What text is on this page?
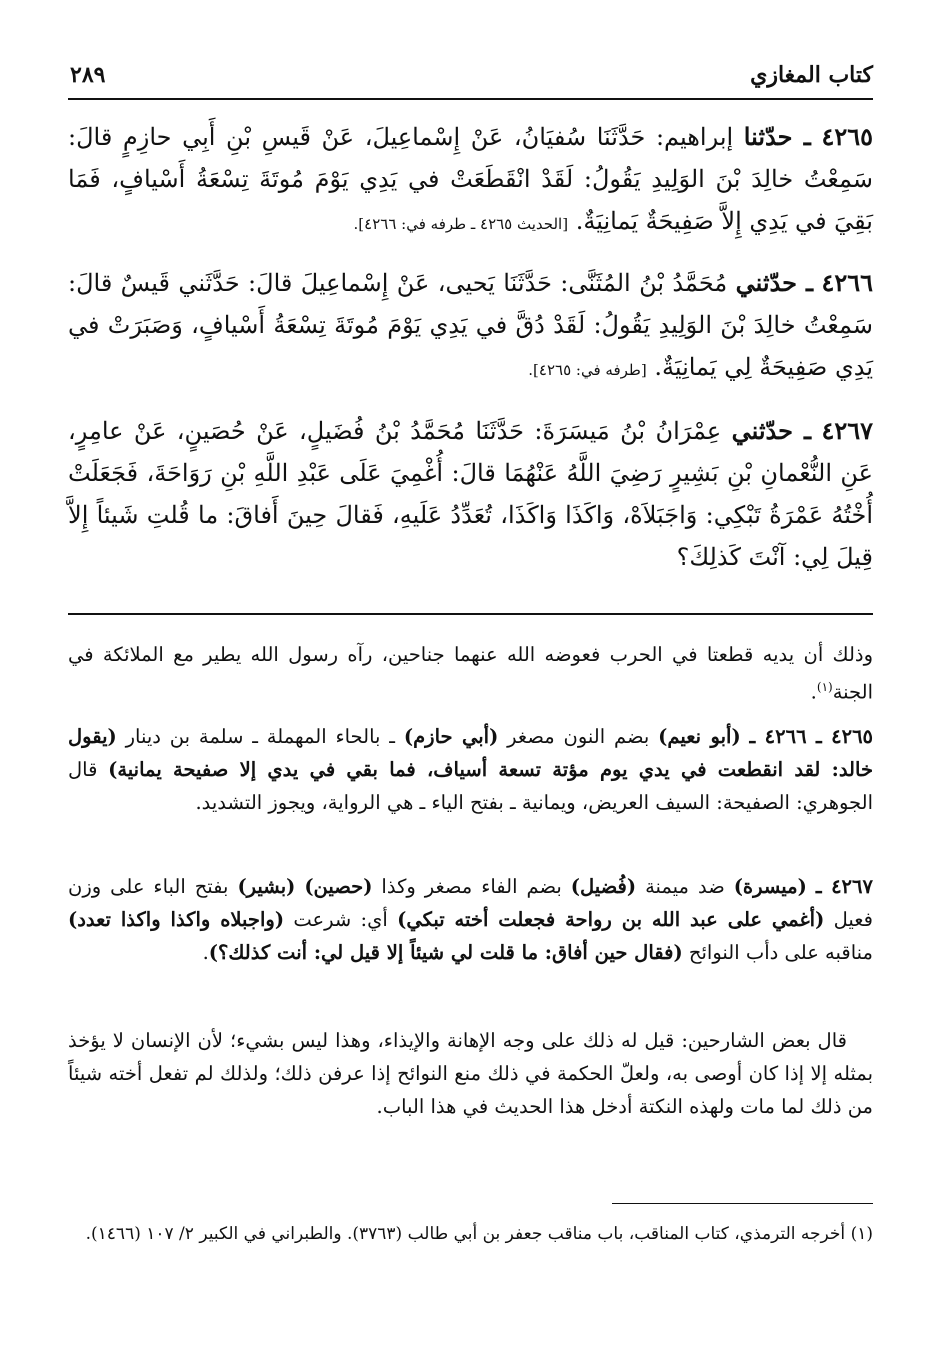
كتاب المغازي
٢٨٩
٤٢٦٥ ـ حدّثنا إبراهيم: حَدَّثَنَا سُفيَانُ، عَنْ إِسْماعِيلَ، عَنْ قَيسِ بْنِ أَبِي حازِمٍ قالَ: سَمِعْتُ خالِدَ بْنَ الوَلِيدِ يَقُولُ: لَقَدْ انْقَطَعَتْ في يَدِي يَوْمَ مُوتَةَ تِسْعَةُ أَسْيافٍ، فَمَا بَقِيَ في يَدِي إِلاَّ صَفِيحَةٌ يَمانِيَةٌ. [الحديث ٤٢٦٥ ـ طرفه في: ٤٢٦٦].
٤٢٦٦ ـ حدّثني مُحَمَّدُ بْنُ المُثَنَّى: حَدَّثَنَا يَحيى، عَنْ إِسْماعِيلَ قالَ: حَدَّثَني قَيسٌ قالَ: سَمِعْتُ خالِدَ بْنَ الوَلِيدِ يَقُولُ: لَقَدْ دُقَّ في يَدِي يَوْمَ مُوتَةَ تِسْعَةُ أَسْيافٍ، وَصَبَرَتْ في يَدِي صَفِيحَةٌ لِي يَمانِيَةٌ. [طرفه في: ٤٢٦٥].
٤٢٦٧ ـ حدّثني عِمْرَانُ بْنُ مَيسَرَةَ: حَدَّثَنَا مُحَمَّدُ بْنُ فُضَيلٍ، عَنْ حُصَينٍ، عَنْ عامِرٍ، عَنِ النُّعْمانِ بْنِ بَشِيرٍ رَضِيَ اللَّهُ عَنْهُمَا قالَ: أُغْمِيَ عَلَى عَبْدِ اللَّهِ بْنِ رَوَاحَةَ، فَجَعَلَتْ أُخْتُهُ عَمْرَةُ تَبْكِي: وَاجَبَلاَهْ، وَاكَذَا وَاكَذَا، تُعَدِّدُ عَلَيهِ، فَقالَ حِينَ أَفاقَ: ما قُلتِ شَيئاً إِلاَّ قِيلَ لِي: آنْتَ كَذلِكَ؟
وذلك أن يديه قطعتا في الحرب فعوضه الله عنهما جناحين، رآه رسول الله يطير مع الملائكة في الجنة$^{(١)}$.
٤٢٦٥ ـ ٤٢٦٦ ـ (أبو نعيم) بضم النون مصغر (أبي حازم) ـ بالحاء المهملة ـ سلمة بن دينار (يقول خالد: لقد انقطعت في يدي يوم مؤتة تسعة أسياف، فما بقي في يدي إلا صفيحة يمانية) قال الجوهري: الصفيحة: السيف العريض، ويمانية ـ بفتح الياء ـ هي الرواية، ويجوز التشديد.
٤٢٦٧ ـ (ميسرة) ضد ميمنة (فُضيل) بضم الفاء مصغر وكذا (حصين) (بشير) بفتح الباء على وزن فعيل (أغمي على عبد الله بن رواحة فجعلت أخته تبكي) أي: شرعت (واجبلاه واكذا واكذا تعدد) مناقبه على دأب النوائح (فقال حين أفاق: ما قلت لي شيئاً إلا قيل لي: أنت كذلك؟).
قال بعض الشارحين: قيل له ذلك على وجه الإهانة والإيذاء، وهذا ليس بشيء؛ لأن الإنسان لا يؤخذ بمثله إلا إذا كان أوصى به، ولعلّ الحكمة في ذلك منع النوائح إذا عرفن ذلك؛ ولذلك لم تفعل أخته شيئاً من ذلك لما مات ولهذه النكتة أدخل هذا الحديث في هذا الباب.
(١) أخرجه الترمذي، كتاب المناقب، باب مناقب جعفر بن أبي طالب (٣٧٦٣). والطبراني في الكبير ٢/ ١٠٧ (١٤٦٦).
